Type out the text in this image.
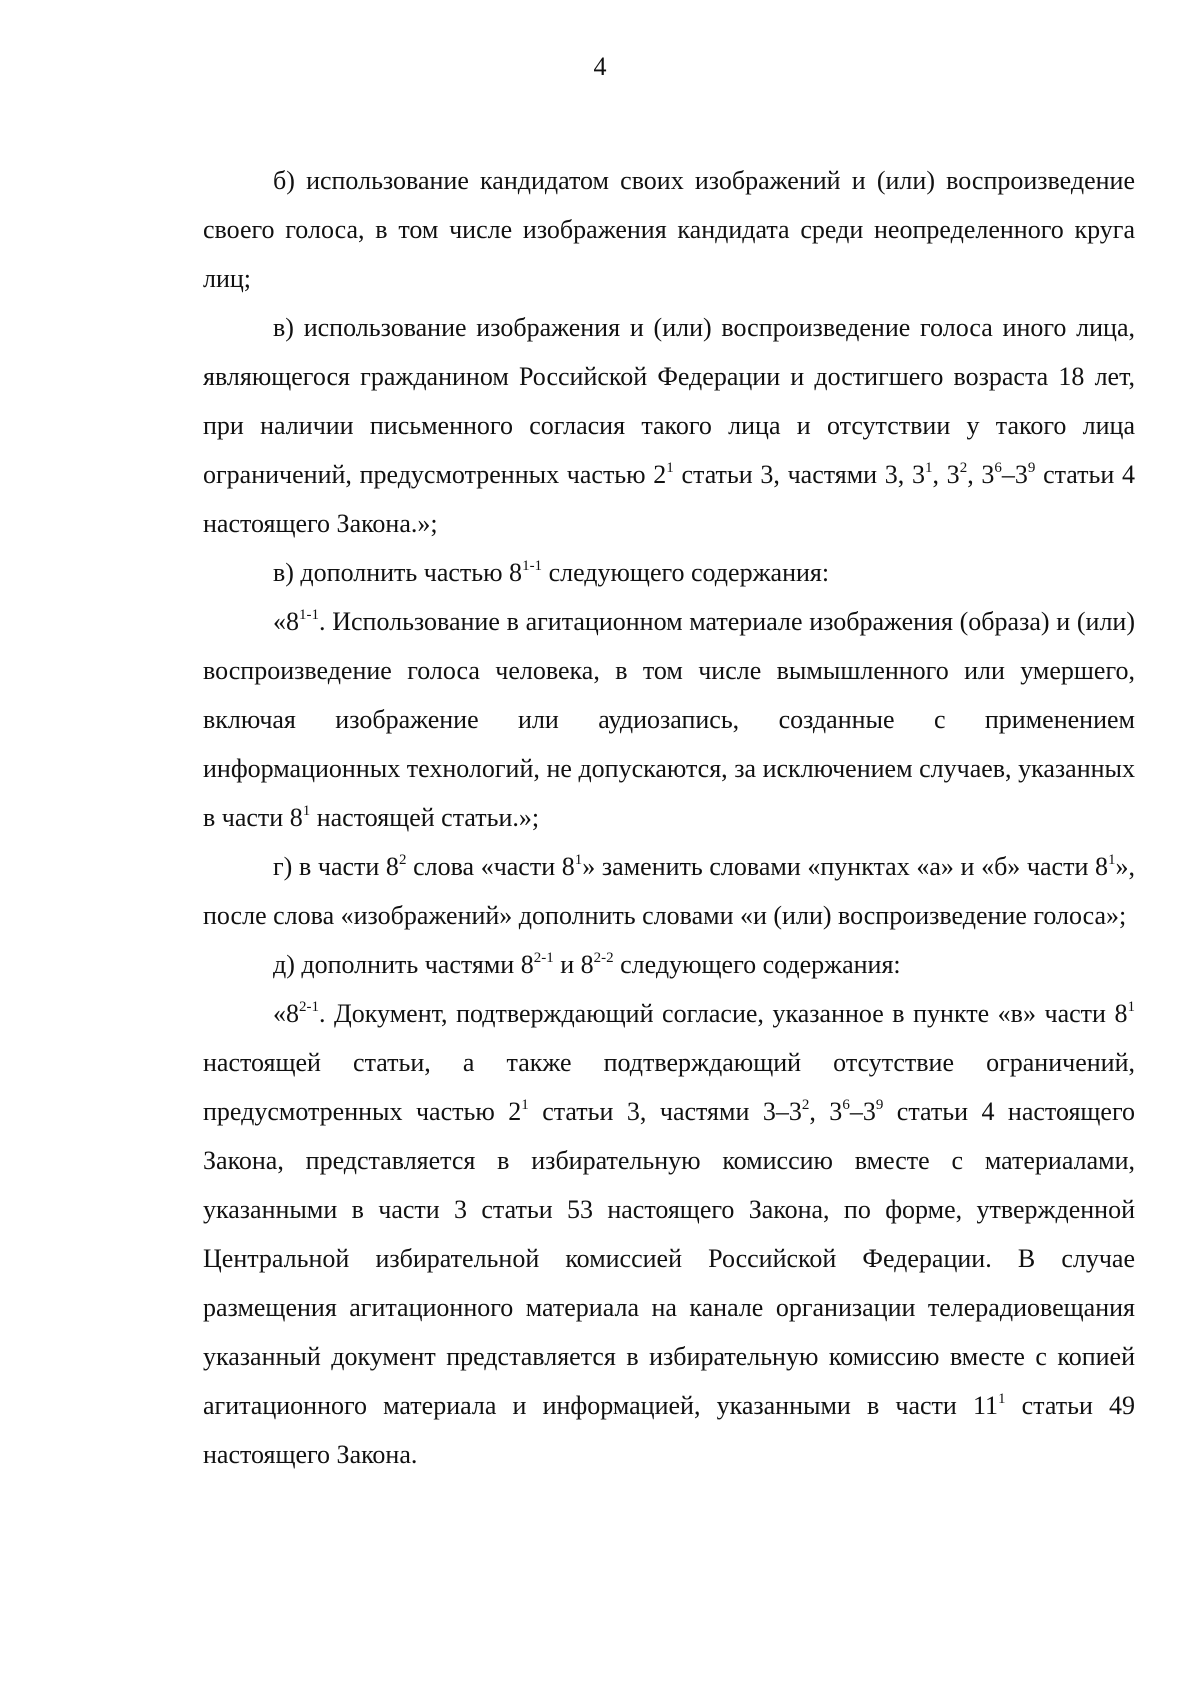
4

б) использование кандидатом своих изображений и (или) воспроизведение своего голоса, в том числе изображения кандидата среди неопределенного круга лиц;

в) использование изображения и (или) воспроизведение голоса иного лица, являющегося гражданином Российской Федерации и достигшего возраста 18 лет, при наличии письменного согласия такого лица и отсутствии у такого лица ограничений, предусмотренных частью $2^1$ статьи 3, частями 3, $3^1$, $3^2$, $3^6-3^9$ статьи 4 настоящего Закона.»;

в) дополнить частью 8$^{1-1}$ следующего содержания:

«8$^{1-1}$. Использование в агитационном материале изображения (образа) и (или) воспроизведение голоса человека, в том числе вымышленного или умершего, включая изображение или аудиозапись, созданные с применением информационных технологий, не допускаются, за исключением случаев, указанных в части $8^1$ настоящей статьи.»;

г) в части $8^2$ слова «части $8^1$» заменить словами «пунктах «а» и «б» части $8^1$», после слова «изображений» дополнить словами «и (или) воспроизведение голоса»;

д) дополнить частями 8$^{2-1}$ и 8$^{2-2}$ следующего содержания:

«8$^{2-1}$. Документ, подтверждающий согласие, указанное в пункте «в» части $8^1$ настоящей статьи, а также подтверждающий отсутствие ограничений, предусмотренных частью $2^1$ статьи 3, частями $3-3^2$, $3^6-3^9$ статьи 4 настоящего Закона, представляется в избирательную комиссию вместе с материалами, указанными в части 3 статьи 53 настоящего Закона, по форме, утвержденной Центральной избирательной комиссией Российской Федерации. В случае размещения агитационного материала на канале организации телерадиовещания указанный документ представляется в избирательную комиссию вместе с копией агитационного материала и информацией, указанными в части $11^1$ статьи 49 настоящего Закона.
